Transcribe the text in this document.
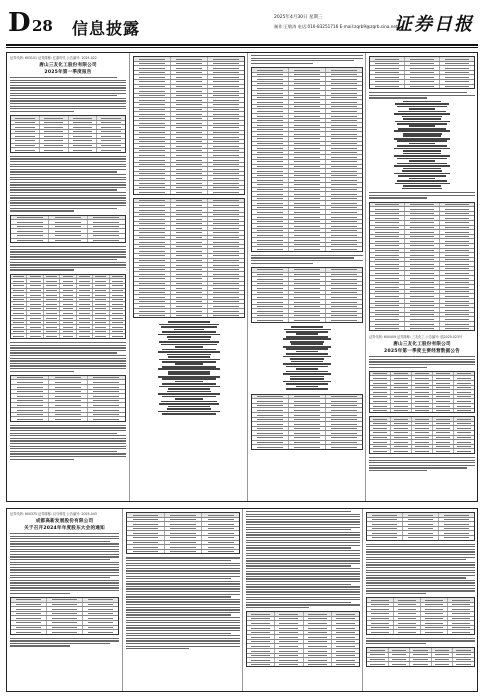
D 28 信息披露
2025年4月30日 星期三
制作:王敬涛 电话:010-83251716 E-mail:zqrb9@zqrb.sina.net
证券日报
证券代码: 603101 证券简称: 汇嘉时代 公告编号: 2025-022
唐山三友化工股份有限公司
2025年第一季度报告
证券代码: 600409 证券简称: 三友化工 公告编号: 临2025-023号
唐山三友化工股份有限公司
2025年第一季度主要经营数据公告
证券代码: 600375 证券简称: 汉马科技 公告编号: 2025-043
成都高新发展股份有限公司
关于召开2024年年度股东大会的通知
